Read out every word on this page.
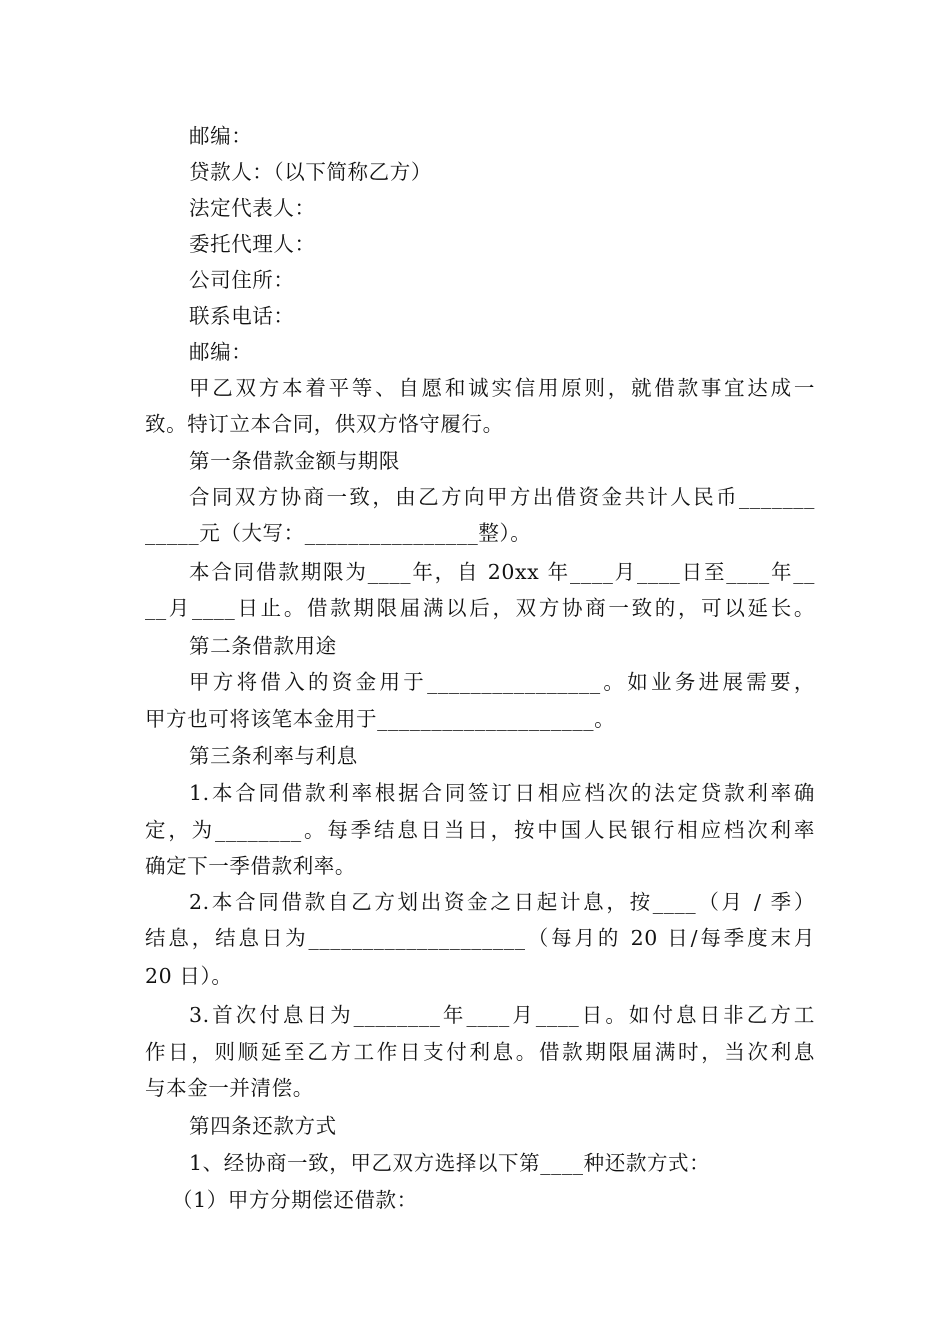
邮编：
贷款人：（以下简称乙方）
法定代表人：
委托代理人：
公司住所：
联系电话：
邮编：
甲乙双方本着平等、自愿和诚实信用原则，就借款事宜达成一
致。特订立本合同，供双方恪守履行。
第一条借款金额与期限
合同双方协商一致，由乙方向甲方出借资金共计人民币_______
_____元（大写：________________整）。
本合同借款期限为____年，自 20xx 年____月____日至____年__
__月____日止。借款期限届满以后，双方协商一致的，可以延长。
第二条借款用途
甲方将借入的资金用于________________。如业务进展需要，
甲方也可将该笔本金用于____________________。
第三条利率与利息
1.本合同借款利率根据合同签订日相应档次的法定贷款利率确
定，为________。每季结息日当日，按中国人民银行相应档次利率
确定下一季借款利率。
2.本合同借款自乙方划出资金之日起计息，按____（月 / 季）
结息，结息日为____________________（每月的 20 日/每季度末月
20 日）。
3.首次付息日为________年____月____日。如付息日非乙方工
作日，则顺延至乙方工作日支付利息。借款期限届满时，当次利息
与本金一并清偿。
第四条还款方式
1、经协商一致，甲乙双方选择以下第____种还款方式：
（1）甲方分期偿还借款：
